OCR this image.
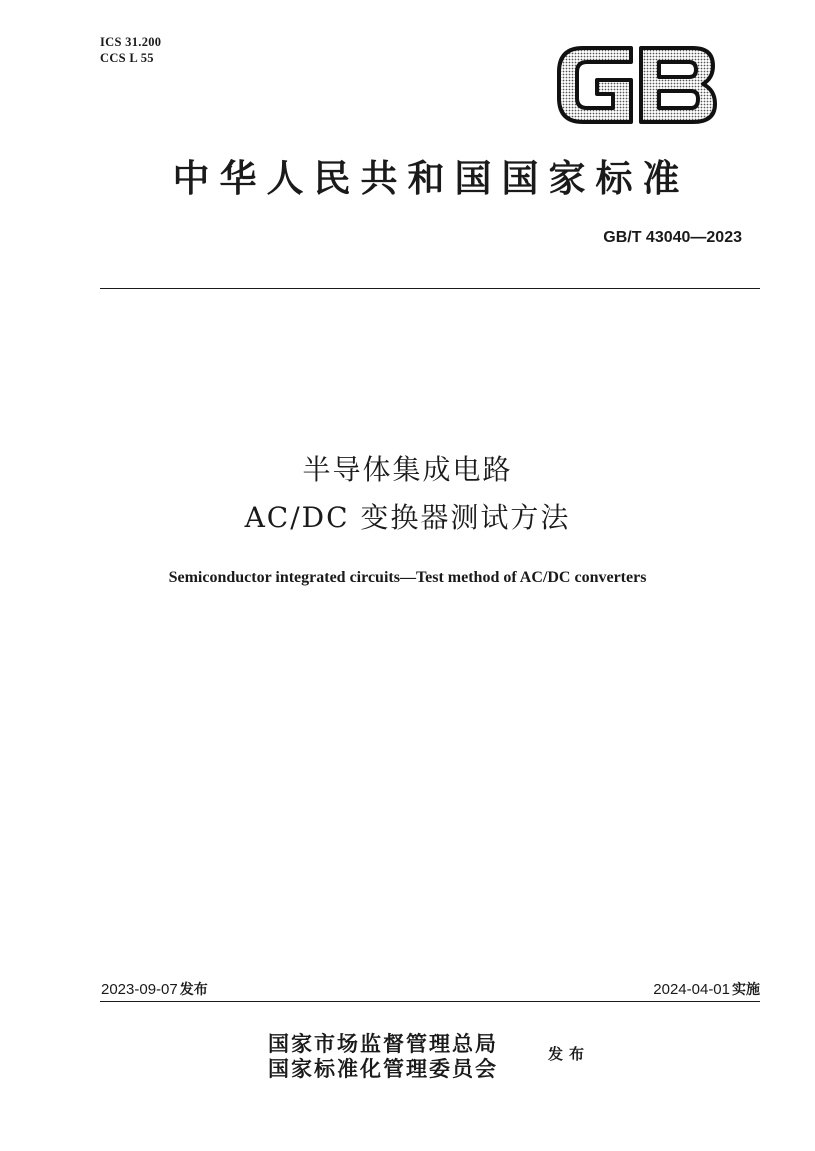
ICS 31.200
CCS L 55
中华人民共和国国家标准
GB/T 43040—2023
半导体集成电路
AC/DC 变换器测试方法
Semiconductor integrated circuits—Test method of AC/DC converters
2023-09-07 发布	2024-04-01 实施
国家市场监督管理总局
国家标准化管理委员会
发布
